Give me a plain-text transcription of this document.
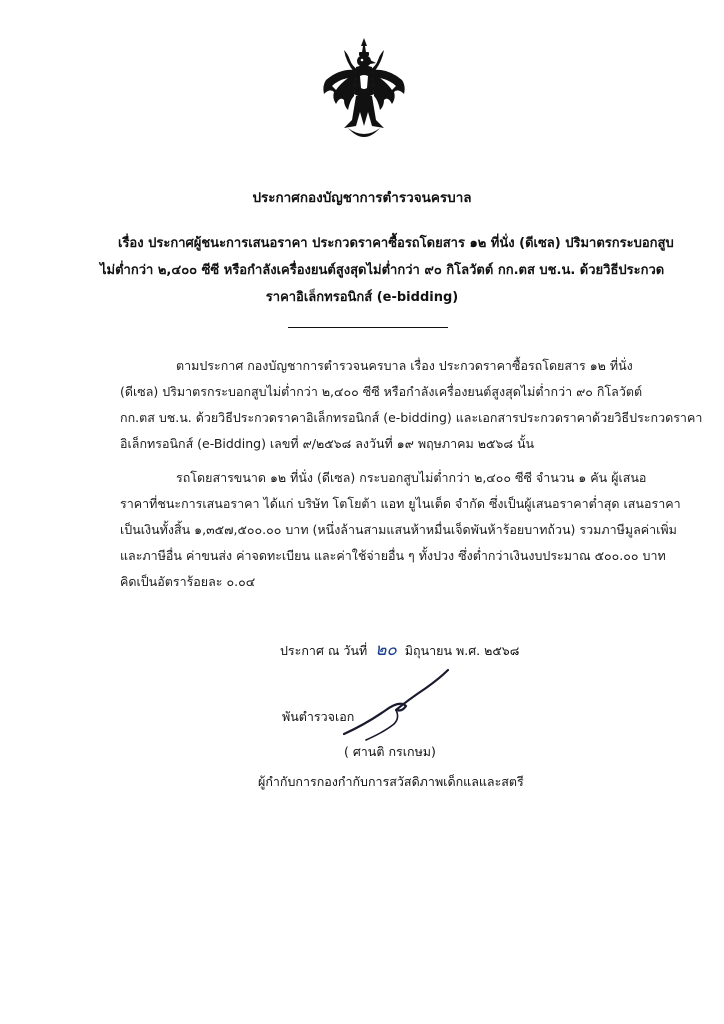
ประกาศกองบัญชาการตำรวจนครบาล
เรื่อง ประกาศผู้ชนะการเสนอราคา ประกวดราคาซื้อรถโดยสาร ๑๒ ที่นั่ง (ดีเซล) ปริมาตรกระบอกสูบ
ไม่ต่ำกว่า ๒,๔๐๐ ซีซี หรือกำลังเครื่องยนต์สูงสุดไม่ต่ำกว่า ๙๐ กิโลวัตต์ กก.ตส บช.น. ด้วยวิธีประกวด
ราคาอิเล็กทรอนิกส์ (e-bidding)
ตามประกาศ กองบัญชาการตำรวจนครบาล เรื่อง ประกวดราคาซื้อรถโดยสาร ๑๒ ที่นั่ง
(ดีเซล) ปริมาตรกระบอกสูบไม่ต่ำกว่า ๒,๔๐๐ ซีซี หรือกำลังเครื่องยนต์สูงสุดไม่ต่ำกว่า ๙๐ กิโลวัตต์
กก.ตส บช.น. ด้วยวิธีประกวดราคาอิเล็กทรอนิกส์ (e-bidding) และเอกสารประกวดราคาด้วยวิธีประกวดราคา
อิเล็กทรอนิกส์ (e-Bidding) เลขที่ ๙/๒๕๖๘ ลงวันที่ ๑๙ พฤษภาคม ๒๕๖๘ นั้น
รถโดยสารขนาด ๑๒ ที่นั่ง (ดีเซล) กระบอกสูบไม่ต่ำกว่า ๒,๔๐๐ ซีซี จำนวน ๑ คัน ผู้เสนอ
ราคาที่ชนะการเสนอราคา ได้แก่ บริษัท โตโยต้า แอท ยูไนเต็ด จำกัด ซึ่งเป็นผู้เสนอราคาต่ำสุด เสนอราคา
เป็นเงินทั้งสิ้น ๑,๓๕๗,๕๐๐.๐๐ บาท (หนึ่งล้านสามแสนห้าหมื่นเจ็ดพันห้าร้อยบาทถ้วน) รวมภาษีมูลค่าเพิ่ม
และภาษีอื่น ค่าขนส่ง ค่าจดทะเบียน และค่าใช้จ่ายอื่น ๆ ทั้งปวง ซึ่งต่ำกว่าเงินงบประมาณ ๕๐๐.๐๐ บาท
คิดเป็นอัตราร้อยละ ๐.๐๔
ประกาศ ณ วันที่ ๒๐ มิถุนายน พ.ศ. ๒๕๖๘
พันตำรวจเอก
( ศานติ กรเกษม)
ผู้กำกับการกองกำกับการสวัสดิภาพเด็กแลและสตรี
